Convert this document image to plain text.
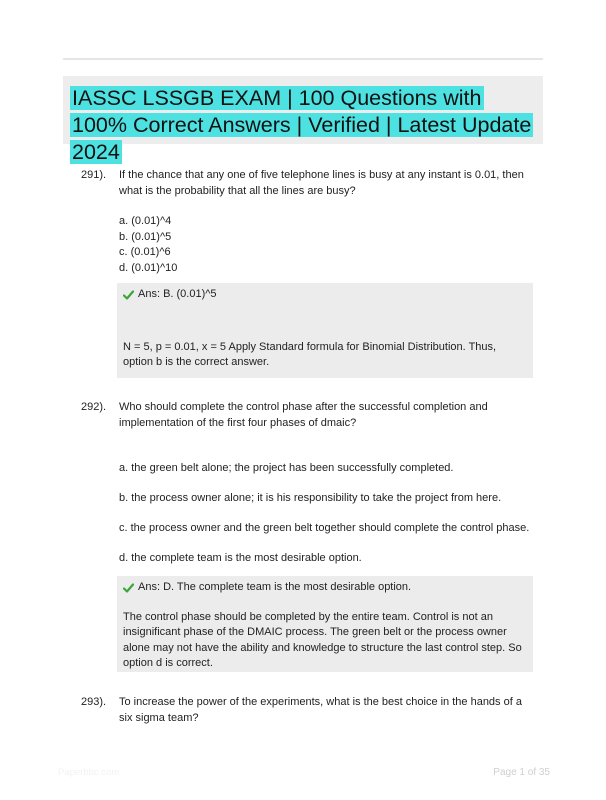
IASSC LSSGB EXAM | 100 Questions with 100% Correct Answers | Verified | Latest Update 2024
291). If the chance that any one of five telephone lines is busy at any instant is 0.01, then what is the probability that all the lines are busy?
a. (0.01)^4
b. (0.01)^5
c. (0.01)^6
d. (0.01)^10
Ans: B. (0.01)^5
N = 5, p = 0.01, x = 5 Apply Standard formula for Binomial Distribution. Thus, option b is the correct answer.
292). Who should complete the control phase after the successful completion and implementation of the first four phases of dmaic?
a. the green belt alone; the project has been successfully completed.
b. the process owner alone; it is his responsibility to take the project from here.
c. the process owner and the green belt together should complete the control phase.
d. the complete team is the most desirable option.
Ans: D. The complete team is the most desirable option.
The control phase should be completed by the entire team. Control is not an insignificant phase of the DMAIC process. The green belt or the process owner alone may not have the ability and knowledge to structure the last control step. So option d is correct.
293). To increase the power of the experiments, what is the best choice in the hands of a six sigma team?
Paperbbc.com	Page 1 of 35
